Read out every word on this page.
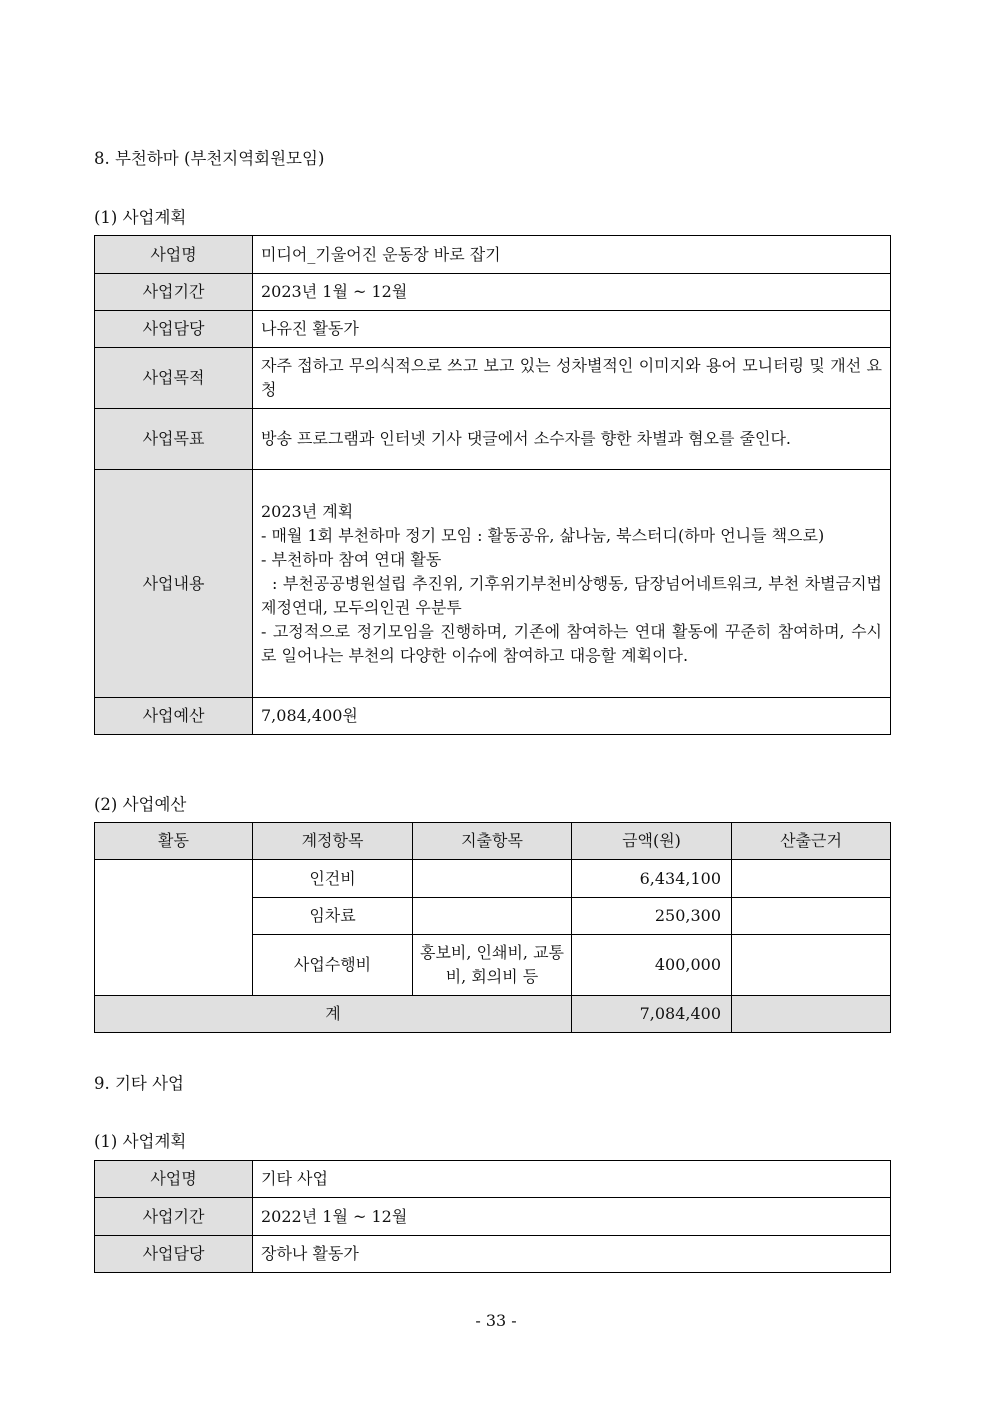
8. 부천하마 (부천지역회원모임)
(1) 사업계획
사업명	미디어_기울어진 운동장 바로 잡기
사업기간	2023년 1월 ~ 12월
사업담당	나유진 활동가
사업목적	자주 접하고 무의식적으로 쓰고 보고 있는 성차별적인 이미지와 용어 모니터링 및 개선 요청
사업목표	방송 프로그램과 인터넷 기사 댓글에서 소수자를 향한 차별과 혐오를 줄인다.
사업내용	2023년 계획
- 매월 1회 부천하마 정기 모임 : 활동공유, 삶나눔, 북스터디(하마 언니들 책으로)
- 부천하마 참여 연대 활동
: 부천공공병원설립 추진위, 기후위기부천비상행동, 담장넘어네트워크, 부천 차별금지법제정연대, 모두의인권 우분투
- 고정적으로 정기모임을 진행하며, 기존에 참여하는 연대 활동에 꾸준히 참여하며, 수시로 일어나는 부천의 다양한 이슈에 참여하고 대응할 계획이다.

사업예산	7,084,400원
(2) 사업예산
활동	계정항목	지출항목	금액(원)	산출근거
	인건비		6,434,100	
	임차료		250,300	
	사업수행비	홍보비, 인쇄비, 교통비, 회의비 등	400,000	
계			7,084,400	
9. 기타 사업
(1) 사업계획
사업명	기타 사업
사업기간	2022년 1월 ~ 12월
사업담당	장하나 활동가
- 33 -
